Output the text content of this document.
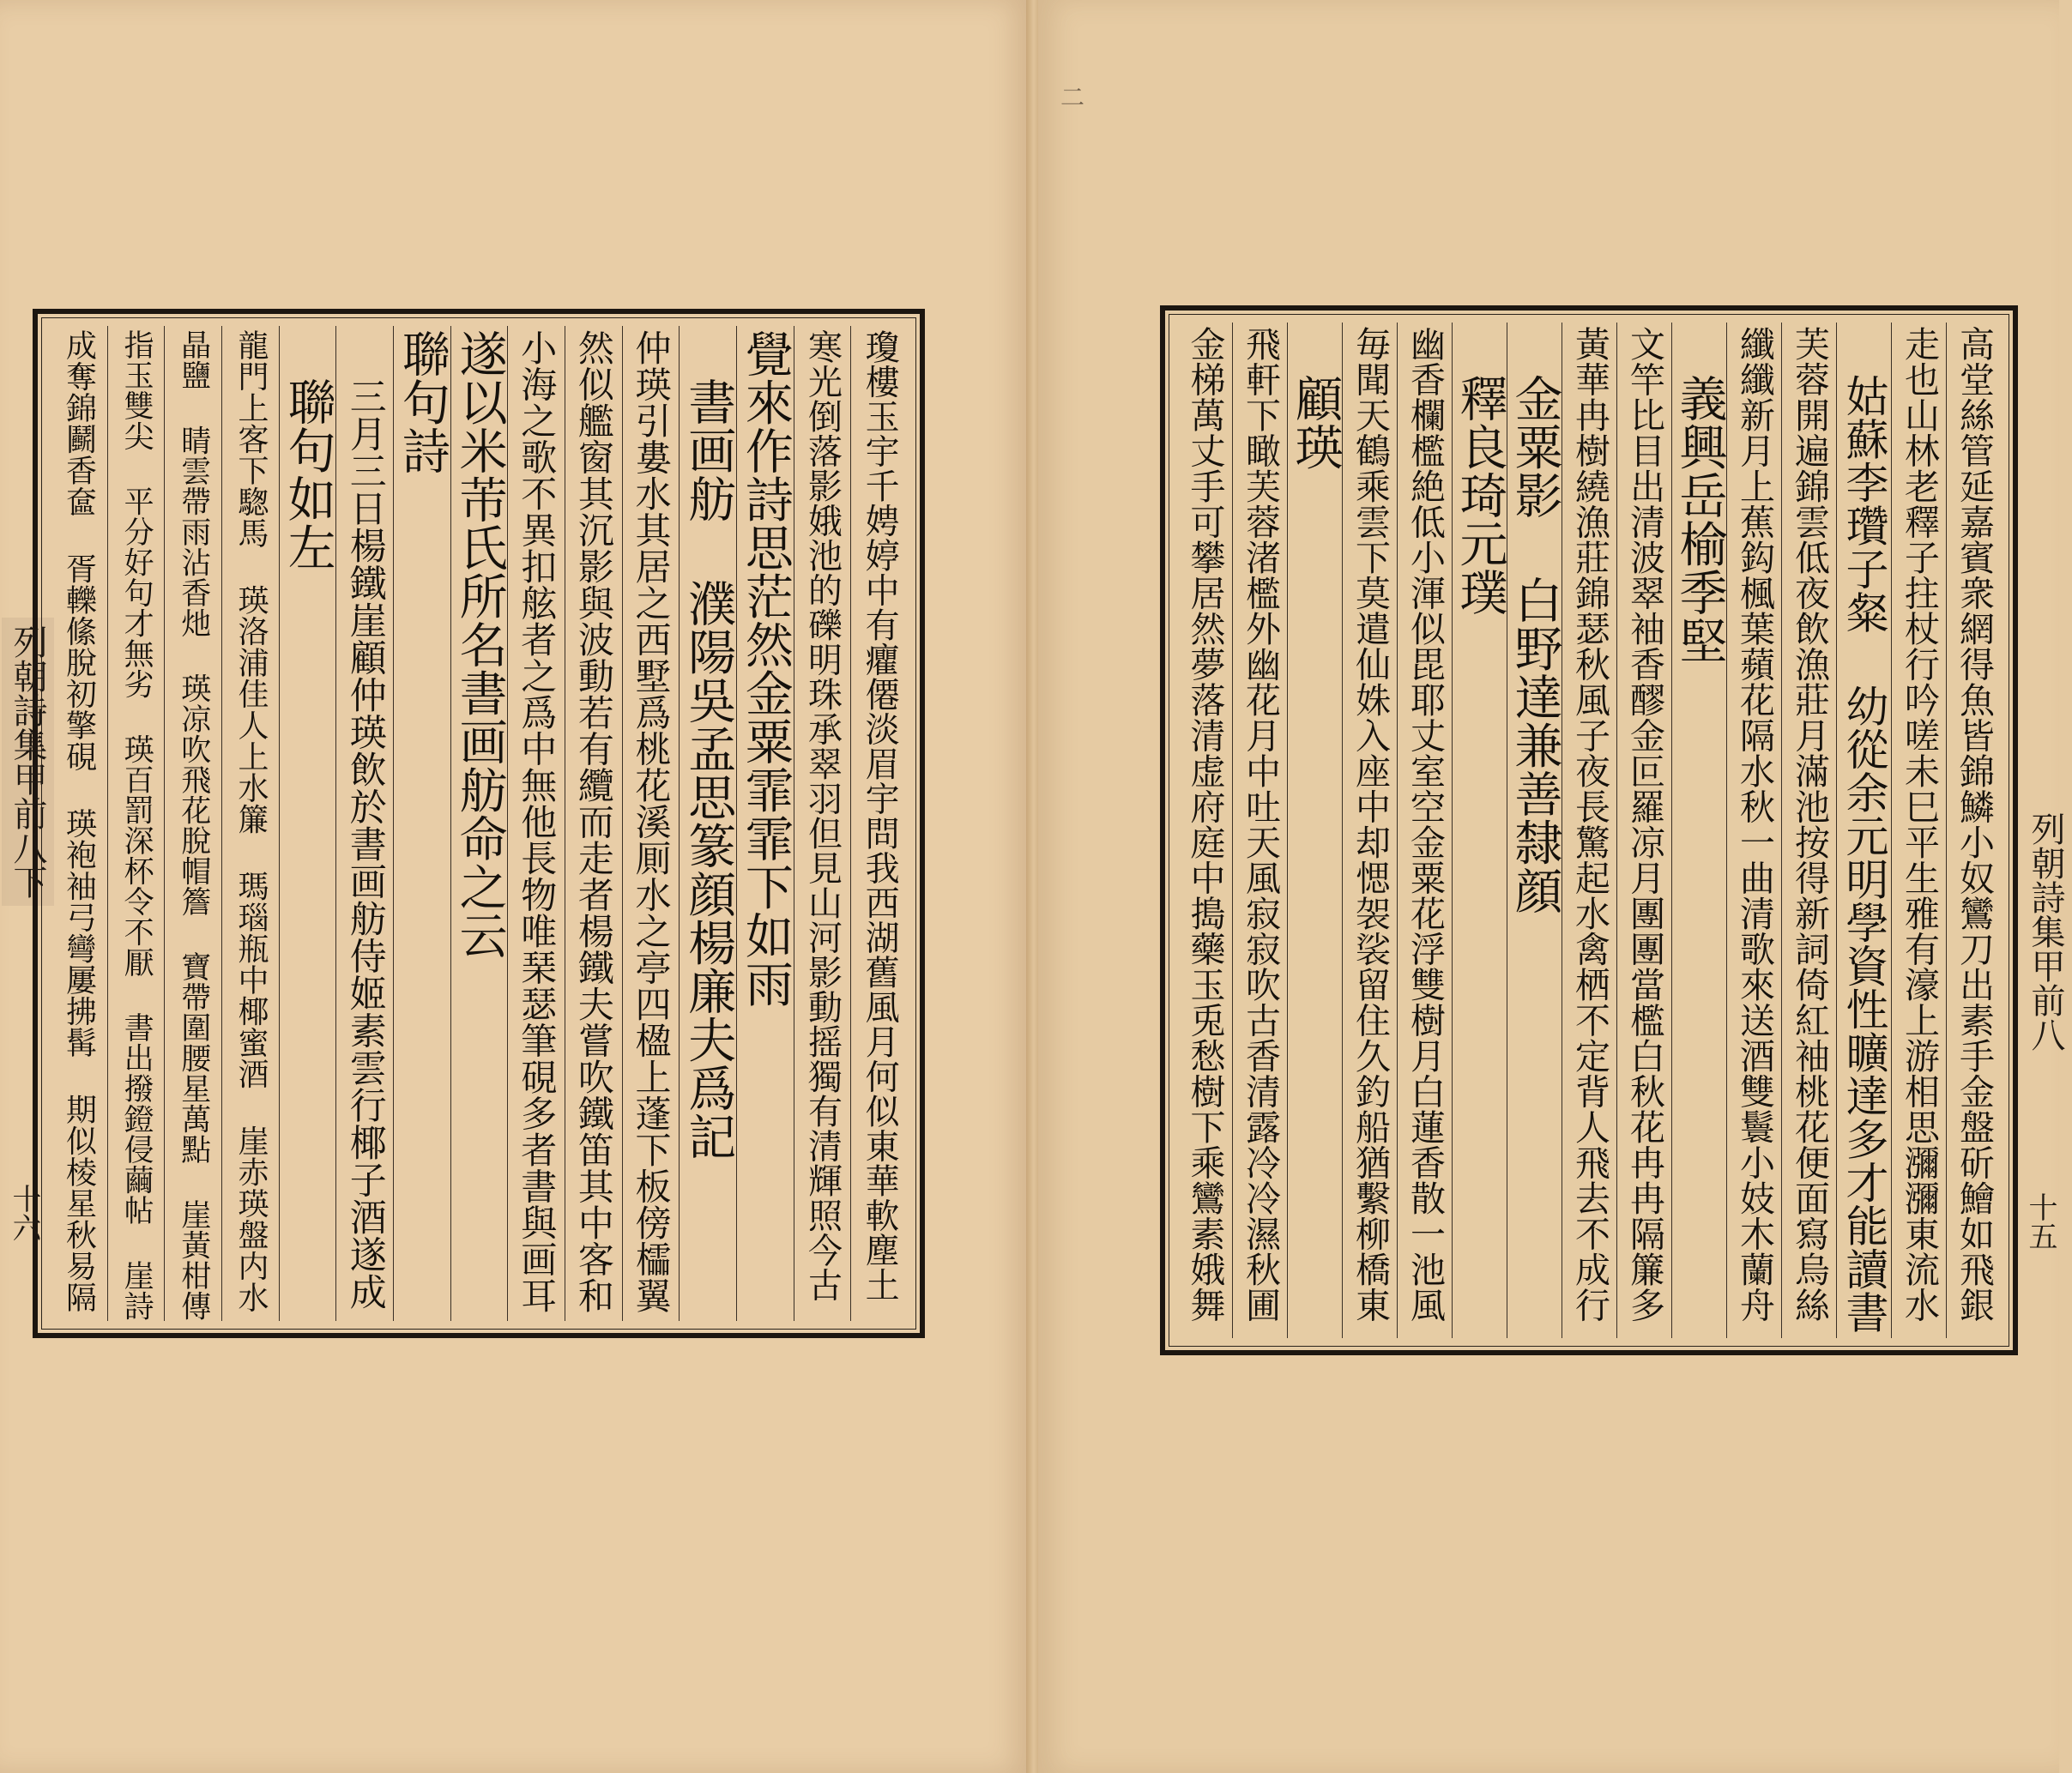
瓊樓玉宇千娉婷中有癯僊淡眉宇問我西湖舊風月何似東華軟塵土
寒光倒落影娥池的礫明珠承翠羽但見山河影動摇獨有清輝照今古
覺來作詩思茫然金粟霏霏下如雨
書画舫 濮陽吳孟思篆顔楊廉夫爲記
仲瑛引婁水其居之西墅爲桃花溪厠水之亭四楹上蓬下板傍櫺翼
然似艦窗其沉影與波動若有纜而走者楊鐵夫嘗吹鐵笛其中客和
小海之歌不異扣舷者之爲中無他長物唯琹瑟筆硯多者書與画耳
遂以米芾氏所名書画舫命之云
聯句詩
三月三日楊鐵崖顧仲瑛飲於書画舫侍姬素雲行椰子酒遂成
聯句如左
龍門上客下騘馬 瑛洛浦佳人上水簾 瑪瑙瓶中椰蜜酒 崖赤瑛盤内水
晶鹽 睛雲帶雨沾香灺 瑛凉吹飛花脫帽簷 寶帶圍腰星萬點 崖黃柑傳
指玉雙尖 平分好句才無劣 瑛百罰深杯令不厭 書出撥鐙侵繭帖 崖詩
成奪錦鬬香奩 胥轢絛脫初擎硯 瑛袍袖弓彎屢拂髯 期似棱星秋易隔
列朝詩集甲前八下
十六	高堂絲管延嘉賓衆網得魚皆錦鱗小奴鸞刀出素手金盤斫鱠如飛銀
走也山林老釋子拄杖行吟嗟未巳平生雅有濠上游相思瀰瀰東流水
姑蘇李瓚子粲 幼從余元明學資性曠達多才能讀書
芙蓉開遍錦雲低夜飲漁莊月滿池按得新詞倚紅袖桃花便面寫烏絲
纖纖新月上蕉鈎楓葉蘋花隔水秋一曲清歌來送酒雙鬟小妓木蘭舟
義興岳榆季堅
文竿比目出清波翠袖香醪金叵羅凉月團團當檻白秋花冉冉隔簾多
黃華冉樹繞漁莊錦瑟秋風子夜長驚起水禽栖不定背人飛去不成行
金粟影 白野達兼善隸顔
釋良琦元璞
幽香欄檻絶低小渾似毘耶丈室空金粟花浮雙樹月白蓮香散一池風
毎聞天鶴乘雲下莫遣仙姝入座中却愢袈裟留住久釣船猶繫柳橋東
顧瑛
飛軒下瞰芙蓉渚檻外幽花月中吐天風寂寂吹古香清露冷冷濕秋圃
金梯萬丈手可攀居然夢落清虚府庭中搗藥玉兎愁樹下乘鸞素娥舞	列朝詩集甲前八
十五
二
